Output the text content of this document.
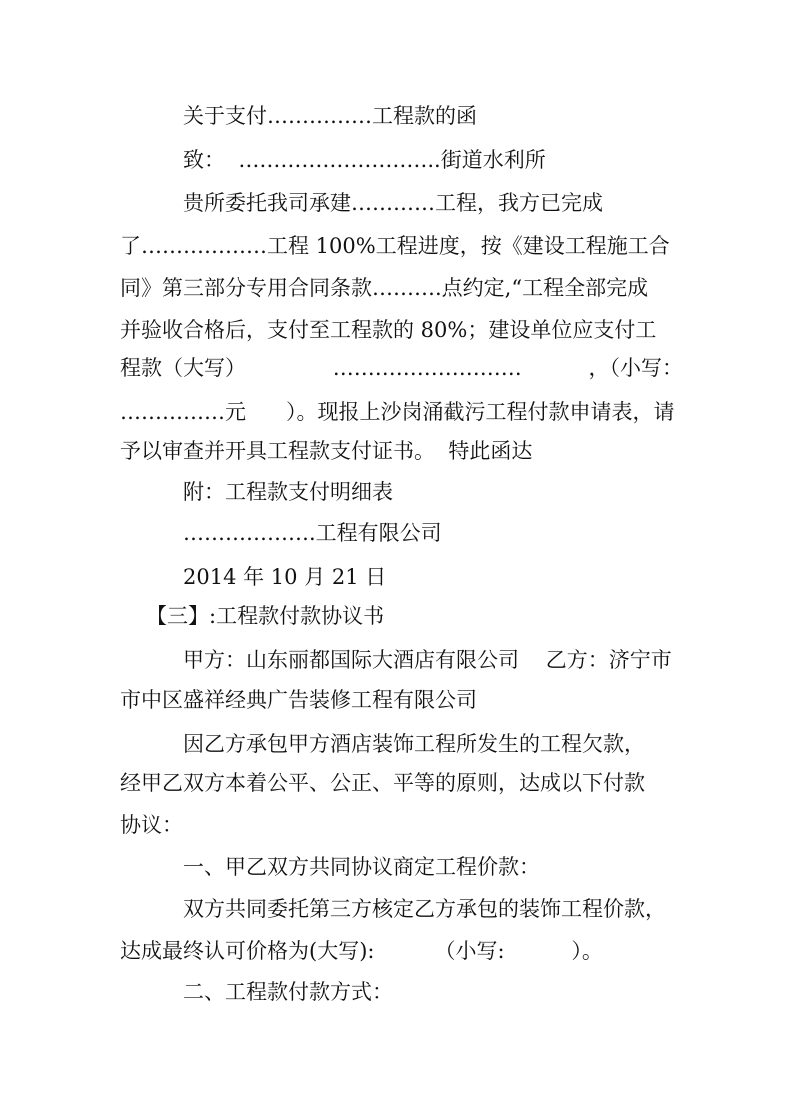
关于支付……………工程款的函
致：  ………………………..街道水利所
贵所委托我司承建…………工程，我方已完成
了………………工程 100%工程进度，按《建设工程施工合
同》第三部分专用合同条款……….点约定,“工程全部完成
并验收合格后，支付至工程款的 80%；建设单位应支付工
程款（大写）             ………………………          ，（小写：
……………元      ）。现报上沙岗涌截污工程付款申请表，请
予以审查并开具工程款支付证书。  特此函达
附：工程款支付明细表
……………….工程有限公司
2014 年 10 月 21 日
【三】:工程款付款协议书
甲方：山东丽都国际大酒店有限公司    乙方：济宁市
市中区盛祥经典广告装修工程有限公司
因乙方承包甲方酒店装饰工程所发生的工程欠款，
经甲乙双方本着公平、公正、平等的原则，达成以下付款
协议：
一、甲乙双方共同协议商定工程价款：
双方共同委托第三方核定乙方承包的装饰工程价款，
达成最终认可价格为(大写):         （小写:          ）。
二、工程款付款方式：
